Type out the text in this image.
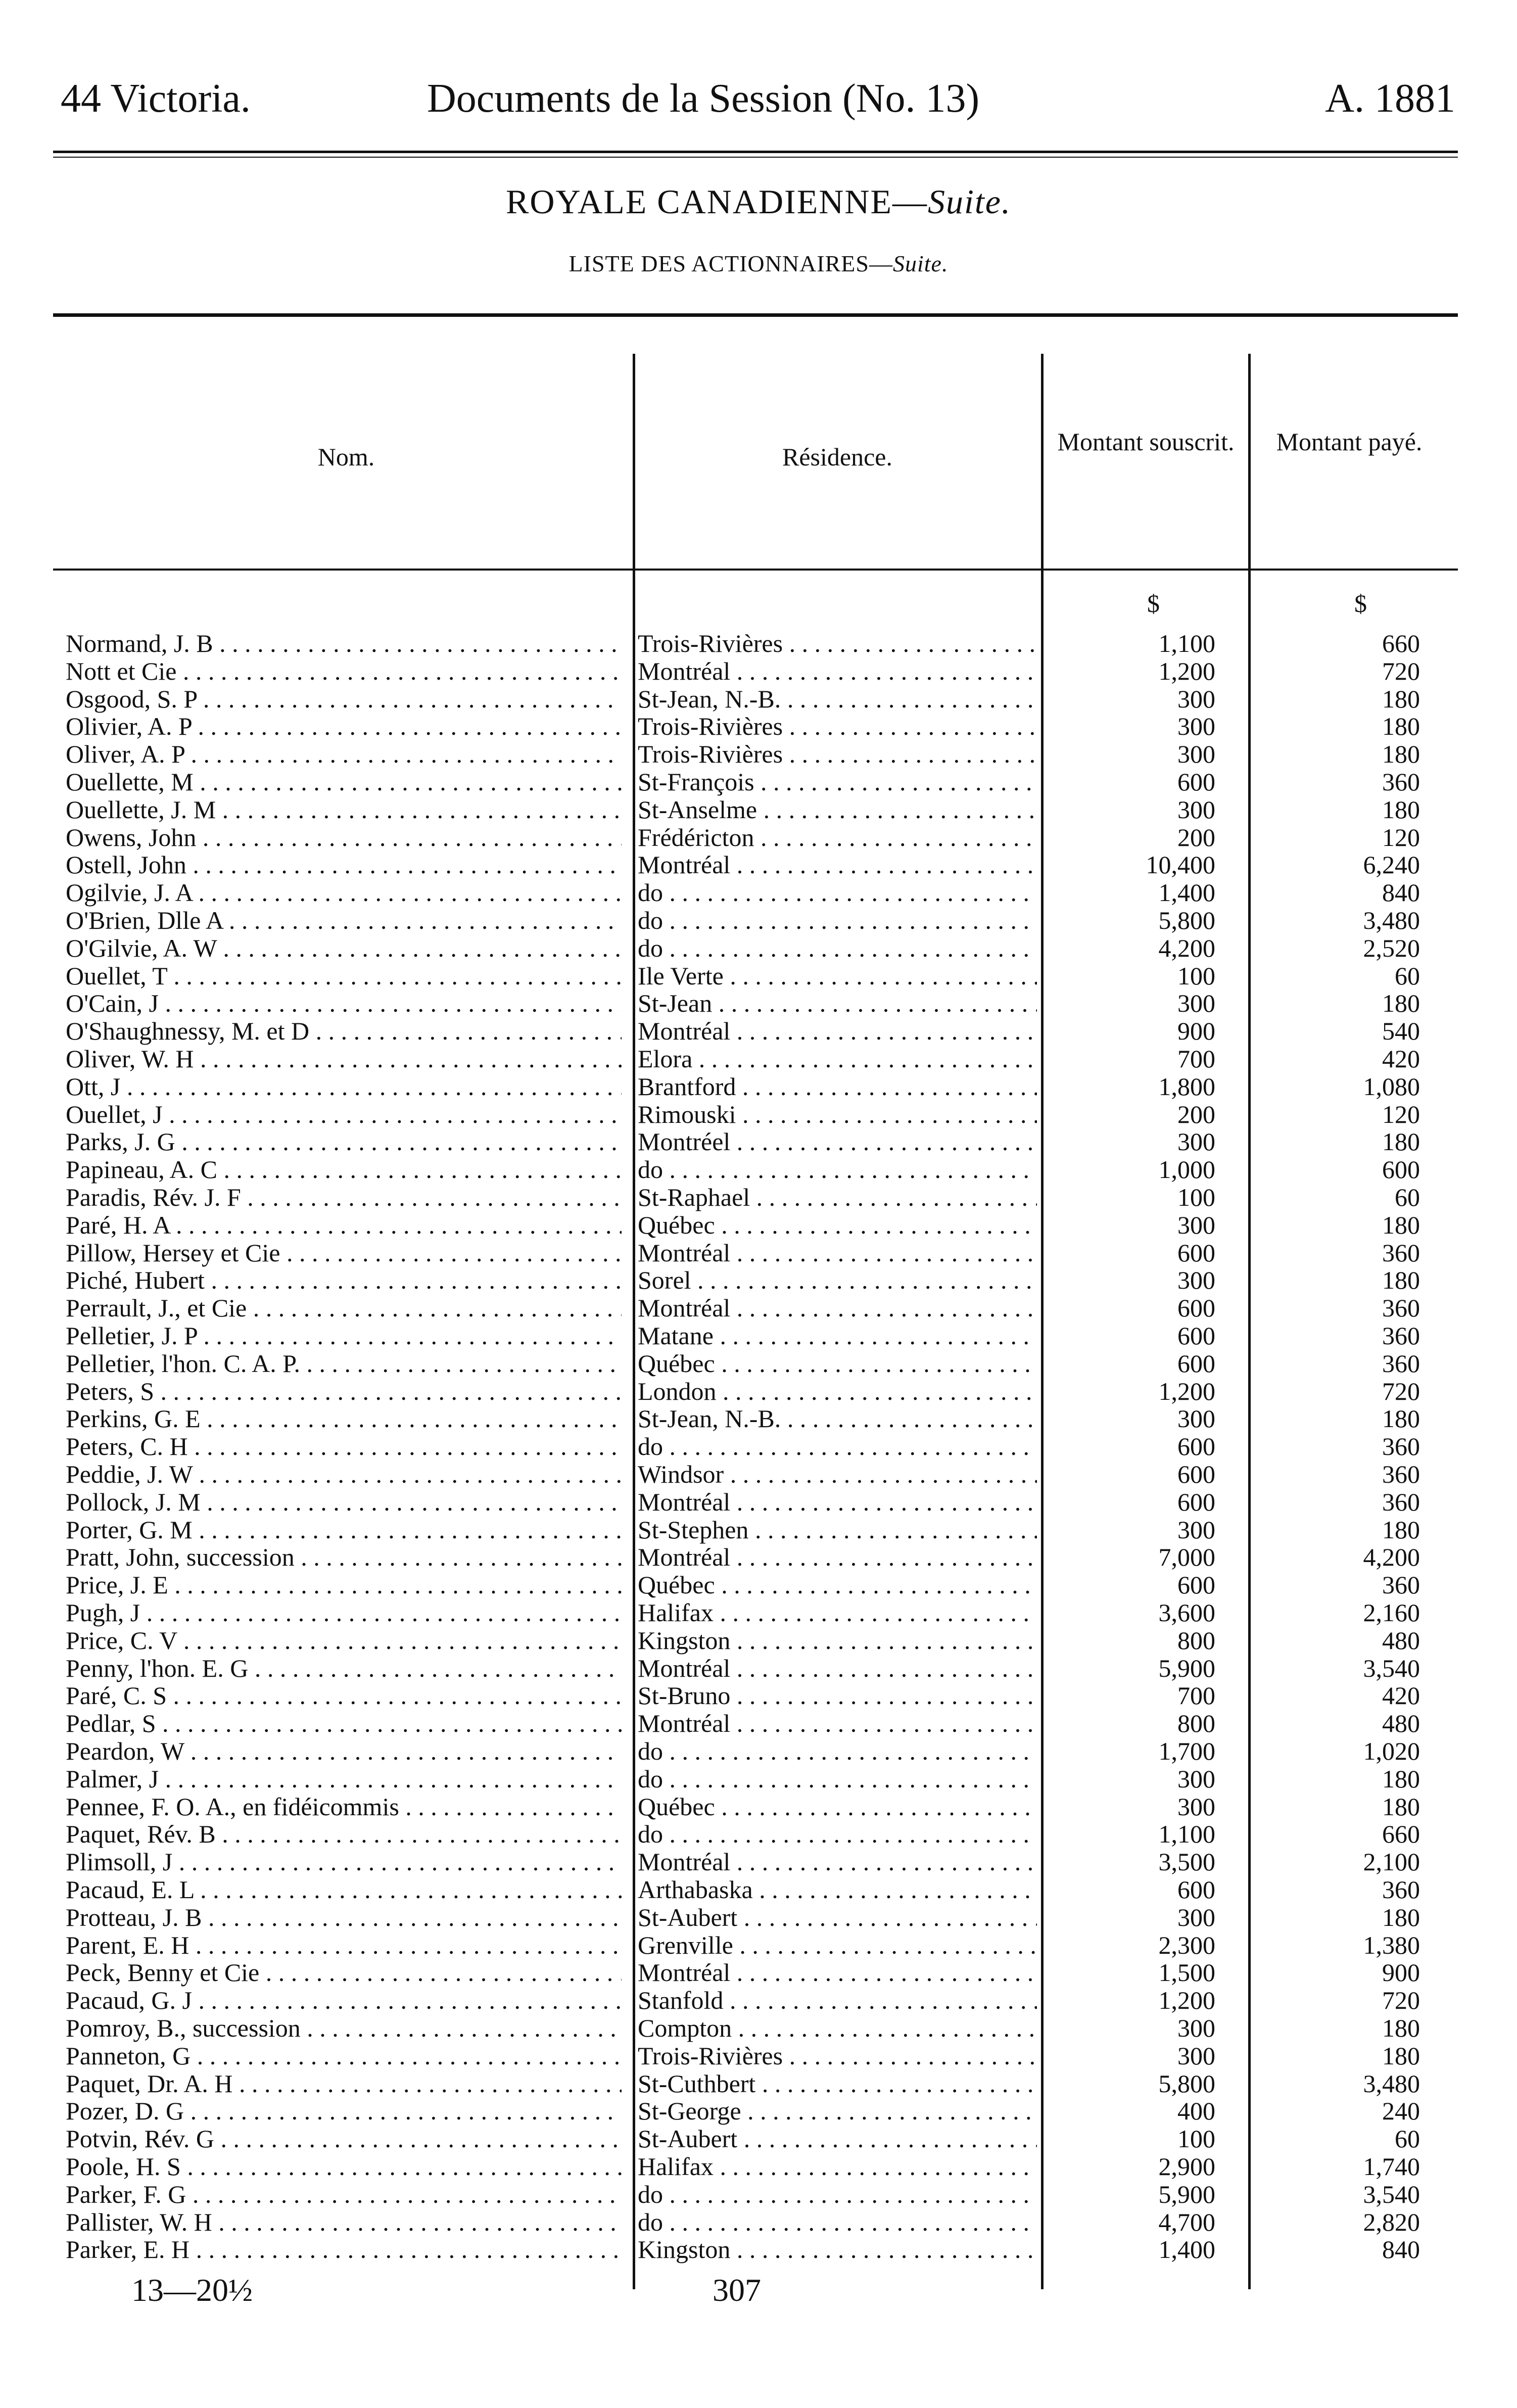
44 Victoria.	Documents de la Session (No. 13)	A. 1881
ROYALE CANADIENNE—Suite.
LISTE DES ACTIONNAIRES—Suite.
Nom.	Résidence.
Montant souscrit.	Montant payé.
$	$
Normand, J. B . . .	Trois-Rivières . . .	1,100	660
Nott et Cie . . .	Montréal . . .	1,200	720
Osgood, S. P . . .	St-Jean, N.-B. . . .	300	180
Olivier, A. P . . .	Trois-Rivières . . .	300	180
Oliver, A. P . . .	Trois-Rivières . . .	300	180
Ouellette, M . . .	St-François . . .	600	360
Ouellette, J. M . . .	St-Anselme . . .	300	180
Owens, John . . .	Frédéricton . . .	200	120
Ostell, John . . .	Montréal . . .	10,400	6,240
Ogilvie, J. A . . .	do . . .	1,400	840
O'Brien, Dlle A . . .	do . . .	5,800	3,480
O'Gilvie, A. W . . .	do . . .	4,200	2,520
Ouellet, T . . .	Ile Verte . . .	100	60
O'Cain, J . . .	St-Jean . . .	300	180
O'Shaughnessy, M. et D . . .	Montréal . . .	900	540
Oliver, W. H . . .	Elora . . .	700	420
Ott, J . . .	Brantford . . .	1,800	1,080
Ouellet, J . . .	Rimouski . . .	200	120
Parks, J. G . . .	Montréel . . .	300	180
Papineau, A. C . . .	do . . .	1,000	600
Paradis, Rév. J. F . . .	St-Raphael . . .	100	60
Paré, H. A . . .	Québec . . .	300	180
Pillow, Hersey et Cie . . .	Montréal . . .	600	360
Piché, Hubert . . .	Sorel . . .	300	180
Perrault, J., et Cie . . .	Montréal . . .	600	360
Pelletier, J. P . . .	Matane . . .	600	360
Pelletier, l'hon. C. A. P. . . .	Québec . . .	600	360
Peters, S . . .	London . . .	1,200	720
Perkins, G. E . . .	St-Jean, N.-B. . . .	300	180
Peters, C. H . . .	do . . .	600	360
Peddie, J. W . . .	Windsor . . .	600	360
Pollock, J. M . . .	Montréal . . .	600	360
Porter, G. M . . .	St-Stephen . . .	300	180
Pratt, John, succession . . .	Montréal . . .	7,000	4,200
Price, J. E . . .	Québec . . .	600	360
Pugh, J . . .	Halifax . . .	3,600	2,160
Price, C. V . . .	Kingston . . .	800	480
Penny, l'hon. E. G . . .	Montréal . . .	5,900	3,540
Paré, C. S . . .	St-Bruno . . .	700	420
Pedlar, S . . .	Montréal . . .	800	480
Peardon, W . . .	do . . .	1,700	1,020
Palmer, J . . .	do . . .	300	180
Pennee, F. O. A., en fidéicommis . . .	Québec . . .	300	180
Paquet, Rév. B . . .	do . . .	1,100	660
Plimsoll, J . . .	Montréal . . .	3,500	2,100
Pacaud, E. L . . .	Arthabaska . . .	600	360
Protteau, J. B . . .	St-Aubert . . .	300	180
Parent, E. H . . .	Grenville . . .	2,300	1,380
Peck, Benny et Cie . . .	Montréal . . .	1,500	900
Pacaud, G. J . . .	Stanfold . . .	1,200	720
Pomroy, B., succession . . .	Compton . . .	300	180
Panneton, G . . .	Trois-Rivières . . .	300	180
Paquet, Dr. A. H . . .	St-Cuthbert . . .	5,800	3,480
Pozer, D. G . . .	St-George . . .	400	240
Potvin, Rév. G . . .	St-Aubert . . .	100	60
Poole, H. S . . .	Halifax . . .	2,900	1,740
Parker, F. G . . .	do . . .	5,900	3,540
Pallister, W. H . . .	do . . .	4,700	2,820
Parker, E. H . . .	Kingston . . .	1,400	840
13—20½	307
